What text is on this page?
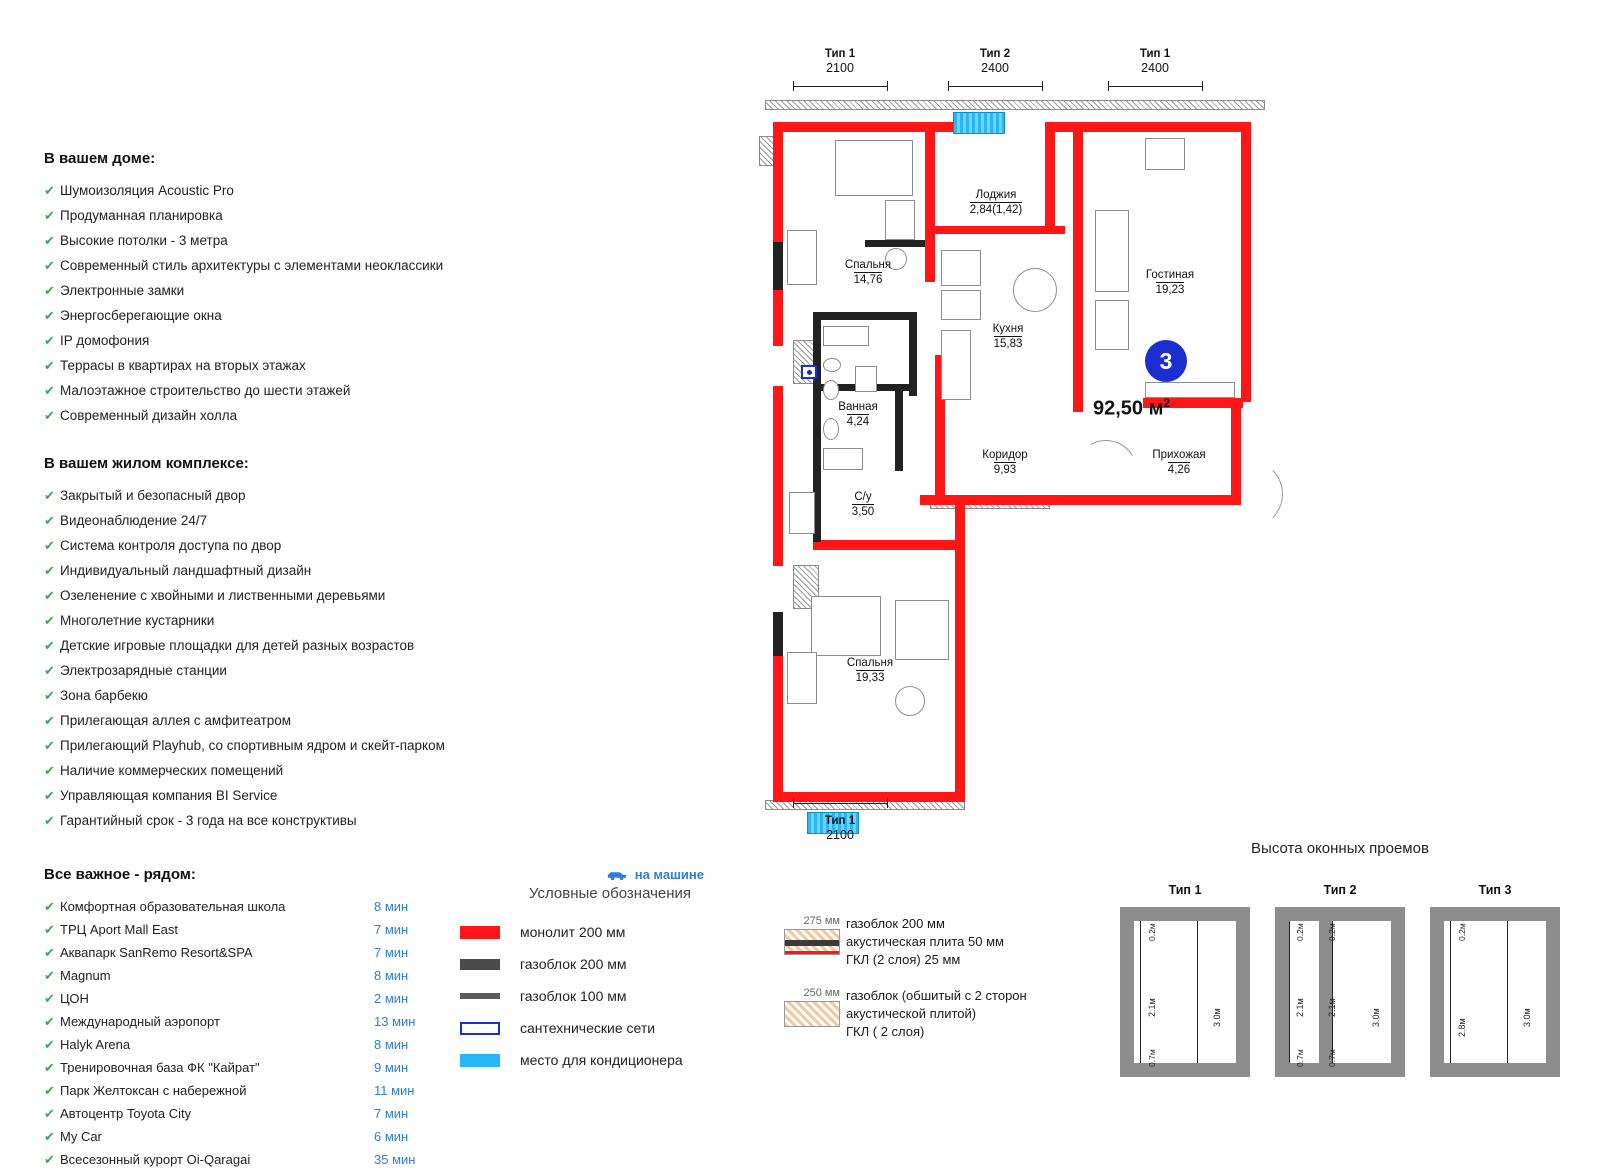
В вашем доме:
✔ Шумоизоляция Acoustic Pro
✔ Продуманная планировка
✔ Высокие потолки - 3 метра
✔ Современный стиль архитектуры с элементами неоклассики
✔ Электронные замки
✔ Энергосберегающие окна
✔ IP домофония
✔ Террасы в квартирах на вторых этажах
✔ Малоэтажное строительство до шести этажей
✔ Современный дизайн холла
В вашем жилом комплексе:
✔ Закрытый и безопасный двор
✔ Видеонаблюдение 24/7
✔ Система контроля доступа по двор
✔ Индивидуальный ландшафтный дизайн
✔ Озеленение с хвойными и лиственными деревьями
✔ Многолетние кустарники
✔ Детские игровые площадки для детей разных возрастов
✔ Электрозарядные станции
✔ Зона барбекю
✔ Прилегающая аллея с амфитеатром
✔ Прилегающий Playhub, со спортивным ядром и скейт-парком
✔ Наличие коммерческих помещений
✔ Управляющая компания BI Service
✔ Гарантийный срок - 3 года на все конструктивы
Все важное - рядом:	на машине
✔ Комфортная образовательная школа	8 мин
✔ ТРЦ Aport Mall East	7 мин
✔ Аквапарк SanRemo Resort&SPA	7 мин
✔ Magnum	8 мин
✔ ЦОН	2 мин
✔ Международный аэропорт	13 мин
✔ Halyk Arena	8 мин
✔ Тренировочная база ФК "Кайрат"	9 мин
✔ Парк Желтоксан с набережной	11 мин
✔ Автоцентр Toyota City	7 мин
✔ My Car	6 мин
✔ Всесезонный курорт Oi-Qaragai	35 мин
Условные обозначения
монолит 200 мм
газоблок 200 мм
газоблок 100 мм
сантехнические сети
место для кондиционера
275 мм газоблок 200 мм
акустическая плита 50 мм
ГКЛ (2 слоя) 25 мм
250 мм газоблок (обшитый с 2 сторон
акустической плитой)
ГКЛ ( 2 слоя)
Высота оконных проемов
Тип 1
0.2м
2.1м
0.7м
3.0м
Тип 2
0.2м
2.1м
0.7м
0.2м
2.1м
0.7м
3.0м
Тип 3
0.2м
2.8м
3.0м
Тип 1
2100
Тип 2
2400
Тип 1
2400
Спальня
14,76
Лоджия
2,84(1,42)
Гостиная
19,23
Кухня
15,83
Ванная
4,24
Коридор
9,93
Прихожая
4,26
С/у
3,50
Спальня
19,33
3
92,50 $м^2$
Тип 1
2100
